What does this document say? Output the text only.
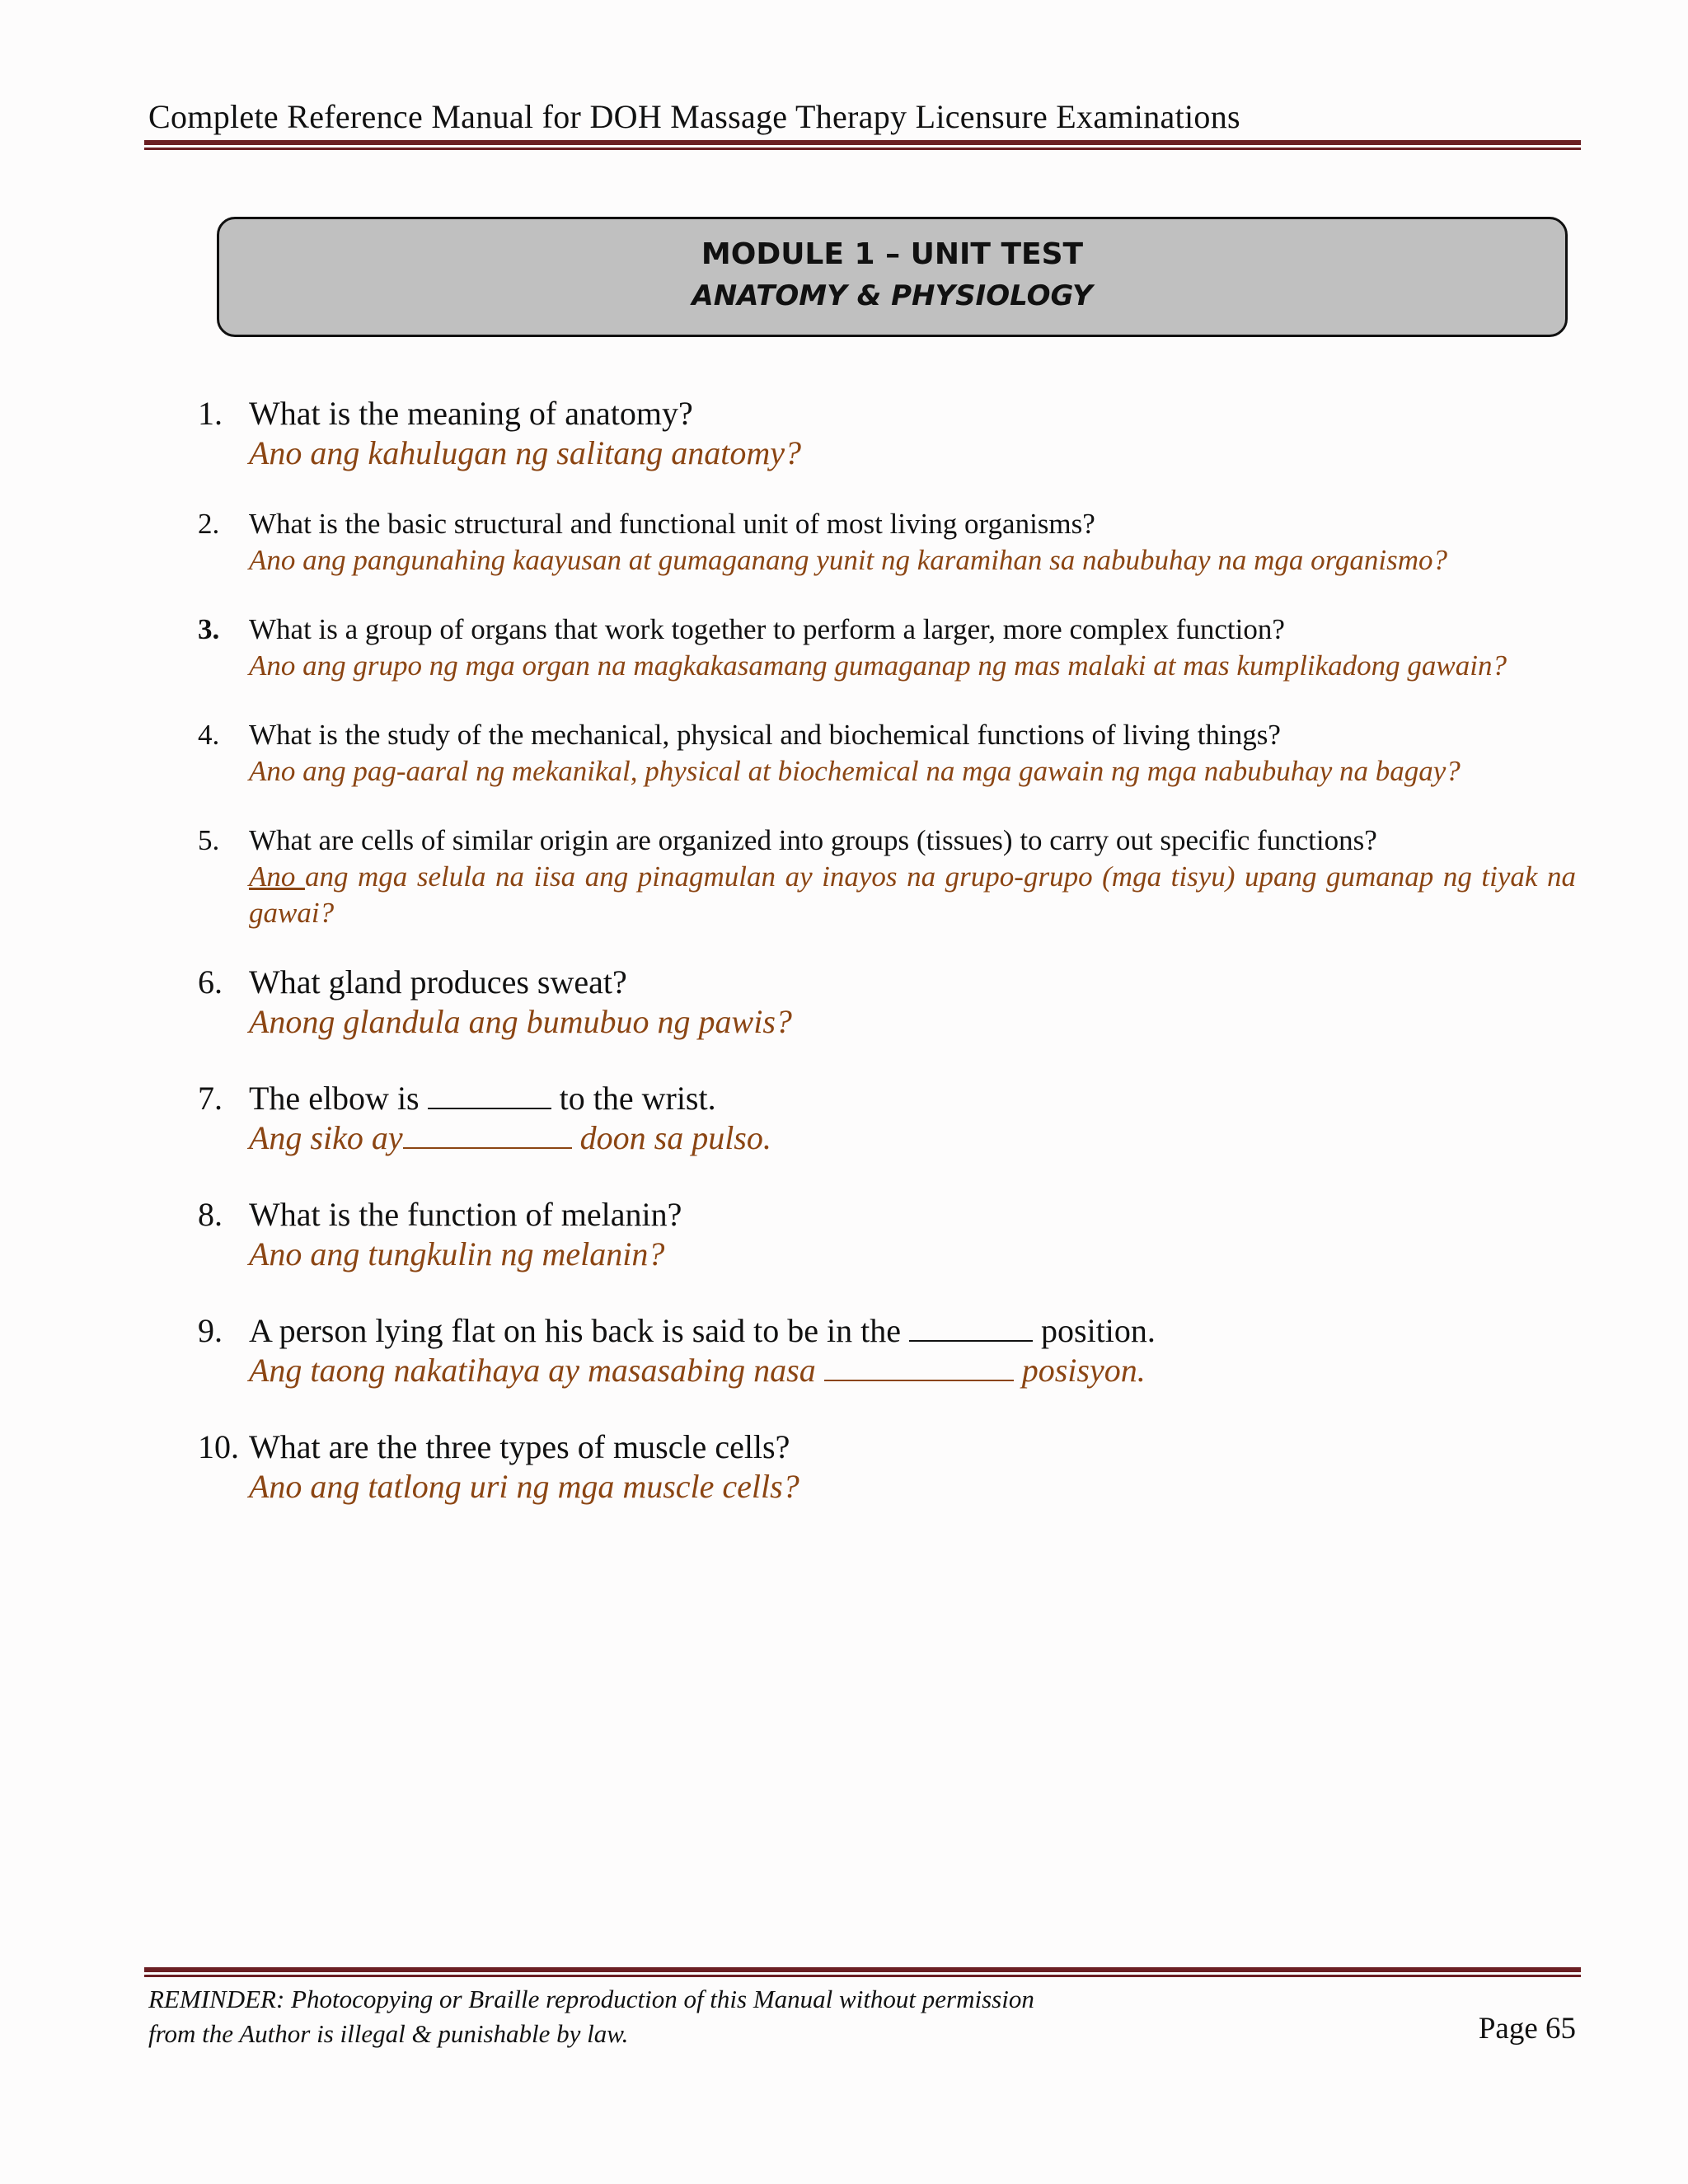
Complete Reference Manual for DOH Massage Therapy Licensure Examinations
MODULE 1 – UNIT TEST
ANATOMY & PHYSIOLOGY
1. What is the meaning of anatomy?
Ano ang kahulugan ng salitang anatomy?
2. What is the basic structural and functional unit of most living organisms?
Ano ang pangunahing kaayusan at gumaganang yunit ng karamihan sa nabubuhay na mga organismo?
3. What is a group of organs that work together to perform a larger, more complex function?
Ano ang grupo ng mga organ na magkakasamang gumaganap ng mas malaki at mas kumplikadong gawain?
4. What is the study of the mechanical, physical and biochemical functions of living things?
Ano ang pag-aaral ng mekanikal, physical at biochemical na mga gawain ng mga nabubuhay na bagay?
5. What are cells of similar origin are organized into groups (tissues) to carry out specific functions?
Ano ang mga selula na iisa ang pinagmulan ay inayos na grupo-grupo (mga tisyu) upang gumanap ng tiyak na gawai?
6. What gland produces sweat?
Anong glandula ang bumubuo ng pawis?
7. The elbow is	to the wrist.
Ang siko ay	doon sa pulso.
8. What is the function of melanin?
Ano ang tungkulin ng melanin?
9. A person lying flat on his back is said to be in the	position.
Ang taong nakatihaya ay masasabing nasa	posisyon.
10. What are the three types of muscle cells?
Ano ang tatlong uri ng mga muscle cells?
REMINDER: Photocopying or Braille reproduction of this Manual without permission
from the Author is illegal & punishable by law.	Page 65
